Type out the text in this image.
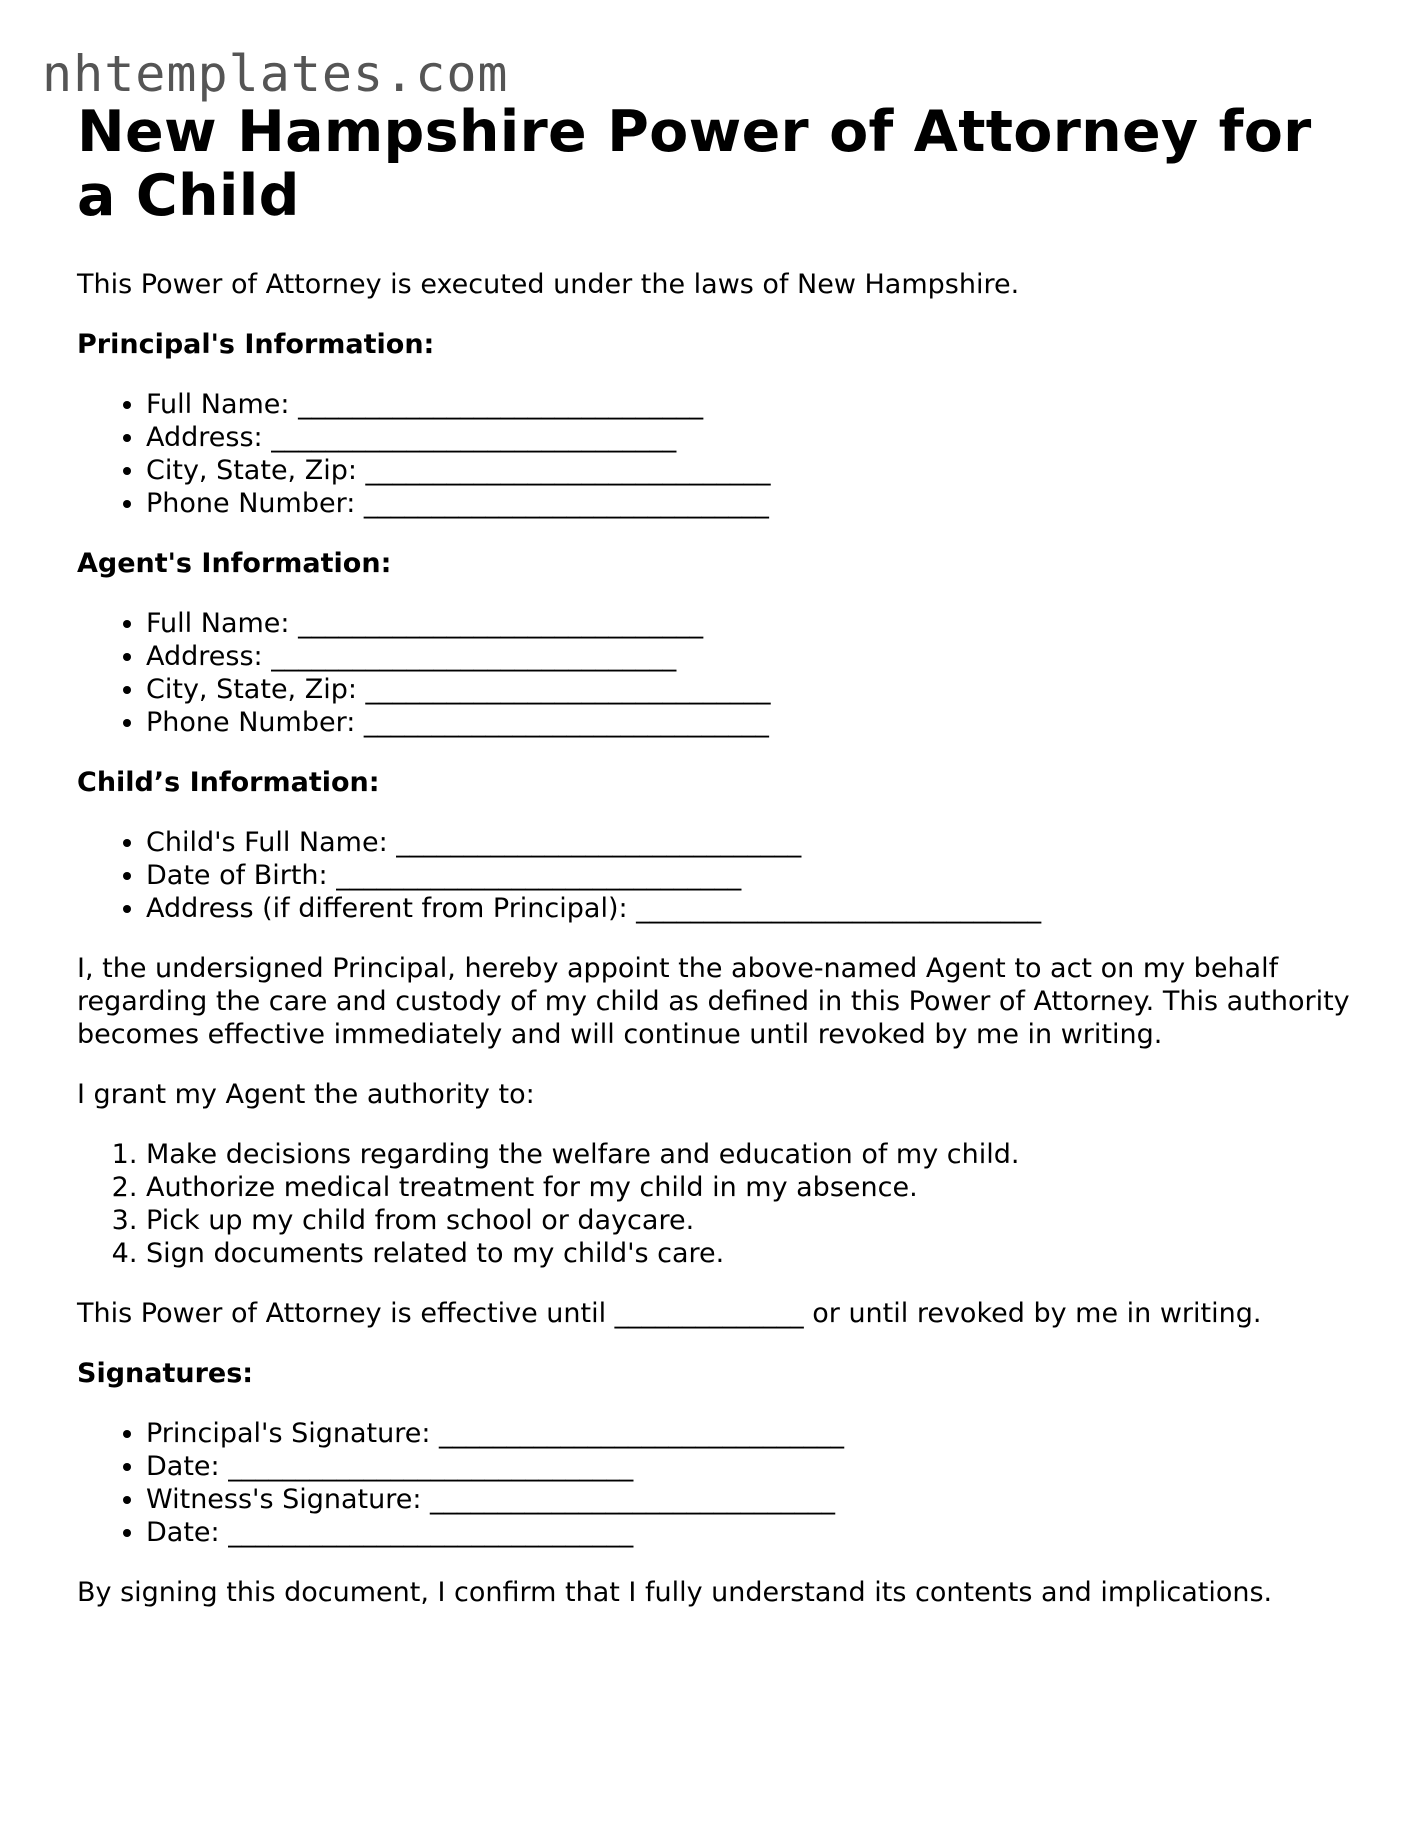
nhtemplates.com
New Hampshire Power of Attorney for a Child

This Power of Attorney is executed under the laws of New Hampshire.

Principal's Information:
• Full Name: ______________________________
• Address: ______________________________
• City, State, Zip: ______________________________
• Phone Number: ______________________________
Agent's Information:
• Full Name: ______________________________
• Address: ______________________________
• City, State, Zip: ______________________________
• Phone Number: ______________________________
Child’s Information:
• Child's Full Name: ______________________________
• Date of Birth: ______________________________
• Address (if different from Principal): ______________________________

I, the undersigned Principal, hereby appoint the above-named Agent to act on my behalf regarding the care and custody of my child as defined in this Power of Attorney. This authority becomes effective immediately and will continue until revoked by me in writing.

I grant my Agent the authority to:

1. Make decisions regarding the welfare and education of my child.
2. Authorize medical treatment for my child in my absence.
3. Pick up my child from school or daycare.
4. Sign documents related to my child's care.

This Power of Attorney is effective until ______________ or until revoked by me in writing.

Signatures:
• Principal's Signature: ______________________________
• Date: ______________________________
• Witness's Signature: ______________________________
• Date: ______________________________

By signing this document, I confirm that I fully understand its contents and implications.
